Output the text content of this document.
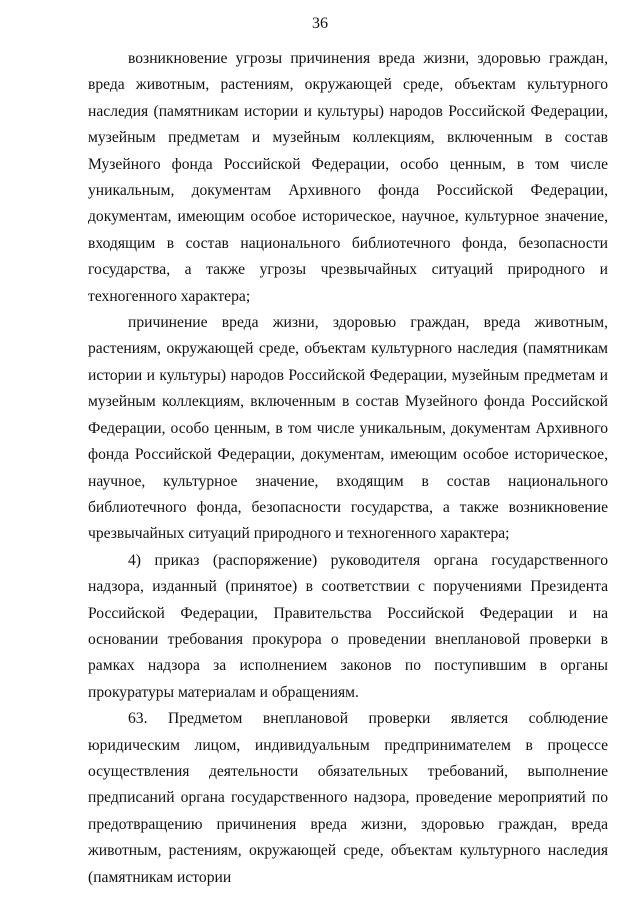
36

возникновение угрозы причинения вреда жизни, здоровью граждан, вреда животным, растениям, окружающей среде, объектам культурного наследия (памятникам истории и культуры) народов Российской Федерации, музейным предметам и музейным коллекциям, включенным в состав Музейного фонда Российской Федерации, особо ценным, в том числе уникальным, документам Архивного фонда Российской Федерации, документам, имеющим особое историческое, научное, культурное значение, входящим в состав национального библиотечного фонда, безопасности государства, а также угрозы чрезвычайных ситуаций природного и техногенного характера;

причинение вреда жизни, здоровью граждан, вреда животным, растениям, окружающей среде, объектам культурного наследия (памятникам истории и культуры) народов Российской Федерации, музейным предметам и музейным коллекциям, включенным в состав Музейного фонда Российской Федерации, особо ценным, в том числе уникальным, документам Архивного фонда Российской Федерации, документам, имеющим особое историческое, научное, культурное значение, входящим в состав национального библиотечного фонда, безопасности государства, а также возникновение чрезвычайных ситуаций природного и техногенного характера;

4) приказ (распоряжение) руководителя органа государственного надзора, изданный (принятое) в соответствии с поручениями Президента Российской Федерации, Правительства Российской Федерации и на основании требования прокурора о проведении внеплановой проверки в рамках надзора за исполнением законов по поступившим в органы прокуратуры материалам и обращениям.

63. Предметом внеплановой проверки является соблюдение юридическим лицом, индивидуальным предпринимателем в процессе осуществления деятельности обязательных требований, выполнение предписаний органа государственного надзора, проведение мероприятий по предотвращению причинения вреда жизни, здоровью граждан, вреда животным, растениям, окружающей среде, объектам культурного наследия (памятникам истории
